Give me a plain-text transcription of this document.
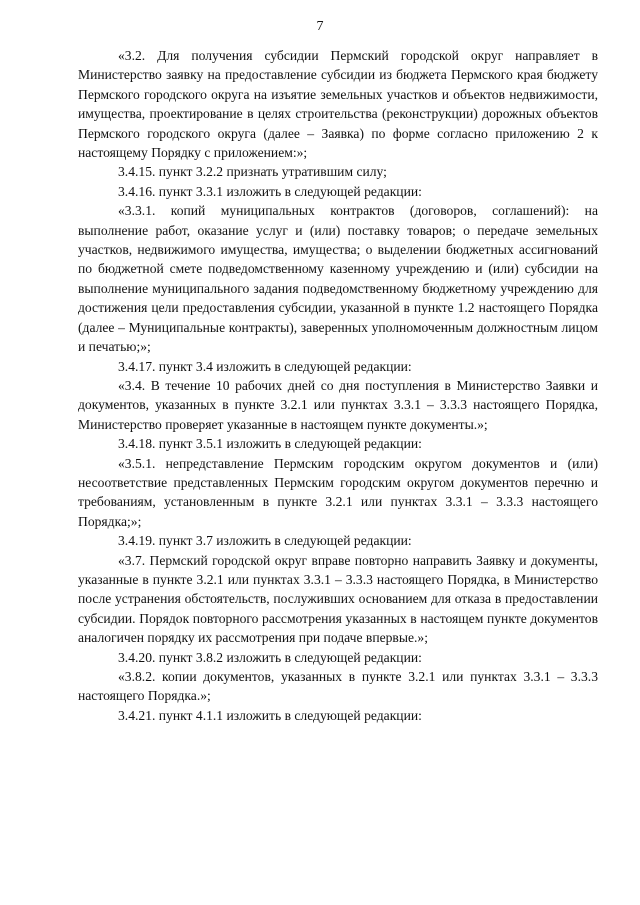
7

«3.2. Для получения субсидии Пермский городской округ направляет в Министерство заявку на предоставление субсидии из бюджета Пермского края бюджету Пермского городского округа на изъятие земельных участков и объектов недвижимости, имущества, проектирование в целях строительства (реконструкции) дорожных объектов Пермского городского округа (далее – Заявка) по форме согласно приложению 2 к настоящему Порядку с приложением:»;

3.4.15. пункт 3.2.2 признать утратившим силу;

3.4.16. пункт 3.3.1 изложить в следующей редакции:

«3.3.1. копий муниципальных контрактов (договоров, соглашений): на выполнение работ, оказание услуг и (или) поставку товаров; о передаче земельных участков, недвижимого имущества, имущества; о выделении бюджетных ассигнований по бюджетной смете подведомственному казенному учреждению и (или) субсидии на выполнение муниципального задания подведомственному бюджетному учреждению для достижения цели предоставления субсидии, указанной в пункте 1.2 настоящего Порядка (далее – Муниципальные контракты), заверенных уполномоченным должностным лицом и печатью;»;

3.4.17. пункт 3.4 изложить в следующей редакции:

«3.4. В течение 10 рабочих дней со дня поступления в Министерство Заявки и документов, указанных в пункте 3.2.1 или пунктах 3.3.1 – 3.3.3 настоящего Порядка, Министерство проверяет указанные в настоящем пункте документы.»;

3.4.18. пункт 3.5.1 изложить в следующей редакции:

«3.5.1. непредставление Пермским городским округом документов и (или) несоответствие представленных Пермским городским округом документов перечню и требованиям, установленным в пункте 3.2.1 или пунктах 3.3.1 – 3.3.3 настоящего Порядка;»;

3.4.19. пункт 3.7 изложить в следующей редакции:

«3.7. Пермский городской округ вправе повторно направить Заявку и документы, указанные в пункте 3.2.1 или пунктах 3.3.1 – 3.3.3 настоящего Порядка, в Министерство после устранения обстоятельств, послуживших основанием для отказа в предоставлении субсидии. Порядок повторного рассмотрения указанных в настоящем пункте документов аналогичен порядку их рассмотрения при подаче впервые.»;

3.4.20. пункт 3.8.2 изложить в следующей редакции:

«3.8.2. копии документов, указанных в пункте 3.2.1 или пунктах 3.3.1 – 3.3.3 настоящего Порядка.»;

3.4.21. пункт 4.1.1 изложить в следующей редакции:
